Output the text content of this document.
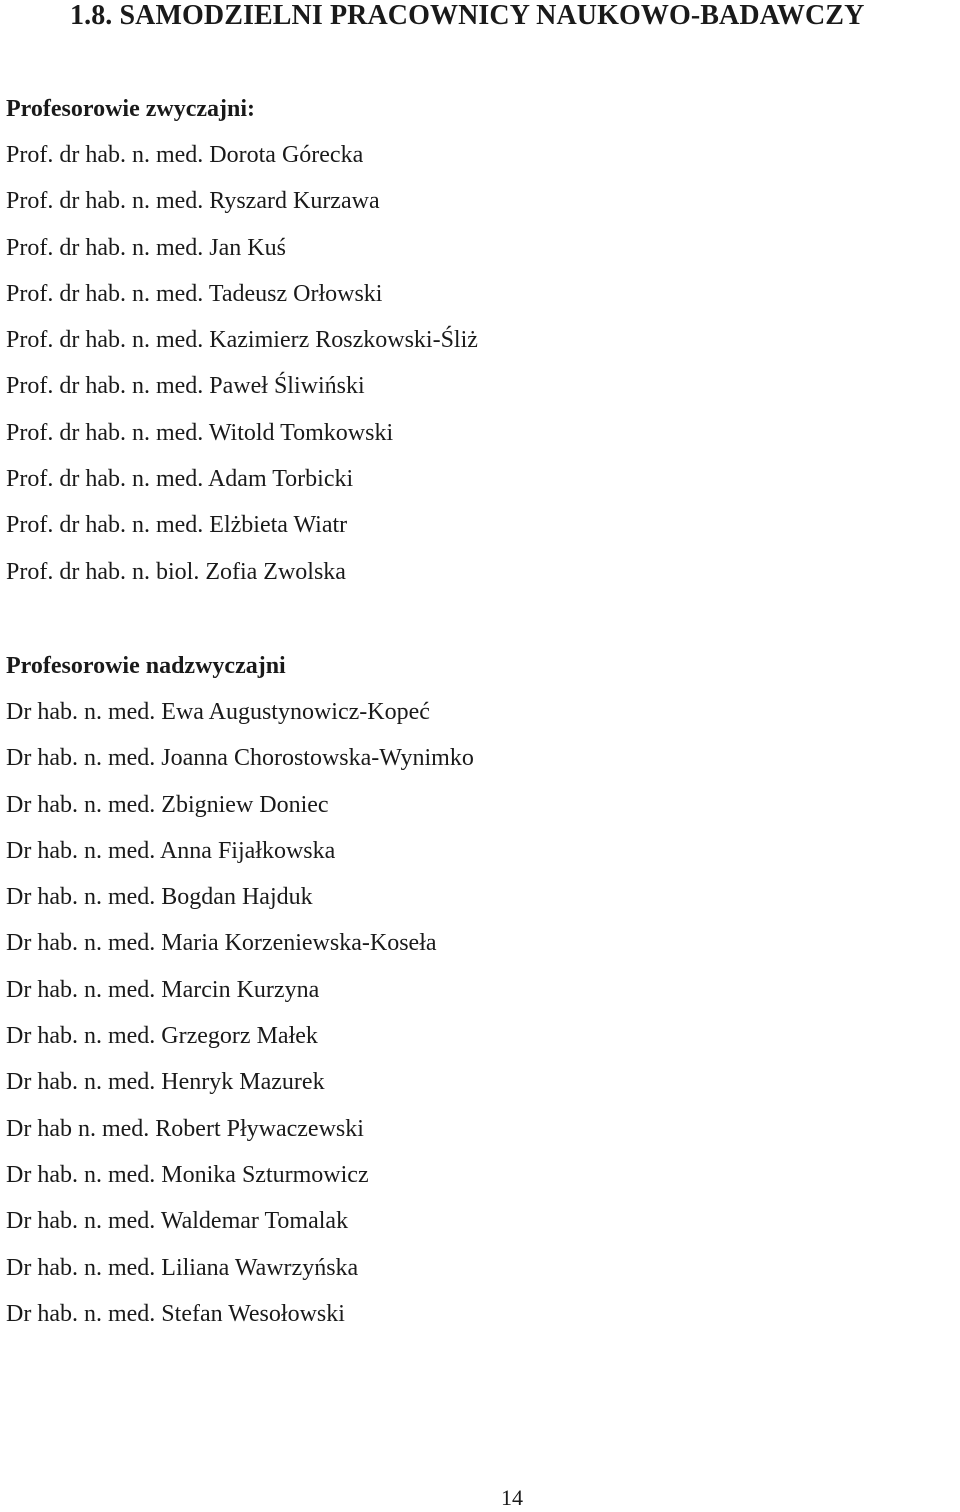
1.8. SAMODZIELNI PRACOWNICY NAUKOWO-BADAWCZY
Profesorowie zwyczajni:
Prof. dr hab. n. med. Dorota Górecka
Prof. dr hab. n. med. Ryszard Kurzawa
Prof. dr hab. n. med. Jan Kuś
Prof. dr hab. n. med. Tadeusz Orłowski
Prof. dr hab. n. med. Kazimierz Roszkowski-Śliż
Prof. dr hab. n. med. Paweł Śliwiński
Prof. dr hab. n. med. Witold Tomkowski
Prof. dr hab. n. med. Adam Torbicki
Prof. dr hab. n. med. Elżbieta Wiatr
Prof. dr hab. n. biol. Zofia Zwolska
Profesorowie nadzwyczajni
Dr hab. n. med. Ewa Augustynowicz-Kopeć
Dr hab. n. med. Joanna Chorostowska-Wynimko
Dr hab. n. med. Zbigniew Doniec
Dr hab. n. med. Anna Fijałkowska
Dr hab. n. med. Bogdan Hajduk
Dr hab. n. med. Maria Korzeniewska-Koseła
Dr hab. n. med. Marcin Kurzyna
Dr hab. n. med. Grzegorz Małek
Dr hab. n. med. Henryk Mazurek
Dr hab n. med. Robert Pływaczewski
Dr hab. n. med. Monika Szturmowicz
Dr hab. n. med. Waldemar Tomalak
Dr hab. n. med. Liliana Wawrzyńska
Dr hab. n. med. Stefan Wesołowski
14
